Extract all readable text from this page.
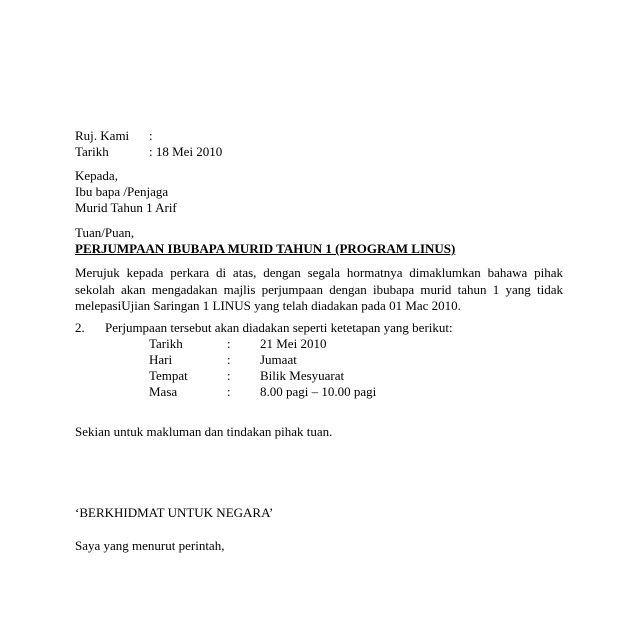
Ruj. Kami :
Tarikh	: 18 Mei 2010
Kepada,
Ibu bapa /Penjaga
Murid Tahun 1 Arif
Tuan/Puan,
PERJUMPAAN IBUBAPA MURID TAHUN 1 (PROGRAM LINUS)
Merujuk kepada perkara di atas, dengan segala hormatnya dimaklumkan bahawa pihak sekolah akan mengadakan majlis perjumpaan dengan ibubapa murid tahun 1 yang tidak melepasiUjian Saringan 1 LINUS yang telah diadakan pada 01 Mac 2010.
2. Perjumpaan tersebut akan diadakan seperti ketetapan yang berikut:
Tarikh	: 21 Mei 2010
Hari	: Jumaat
Tempat	: Bilik Mesyuarat
Masa	: 8.00 pagi – 10.00 pagi
Sekian untuk makluman dan tindakan pihak tuan.
‘BERKHIDMAT UNTUK NEGARA’
Saya yang menurut perintah,
